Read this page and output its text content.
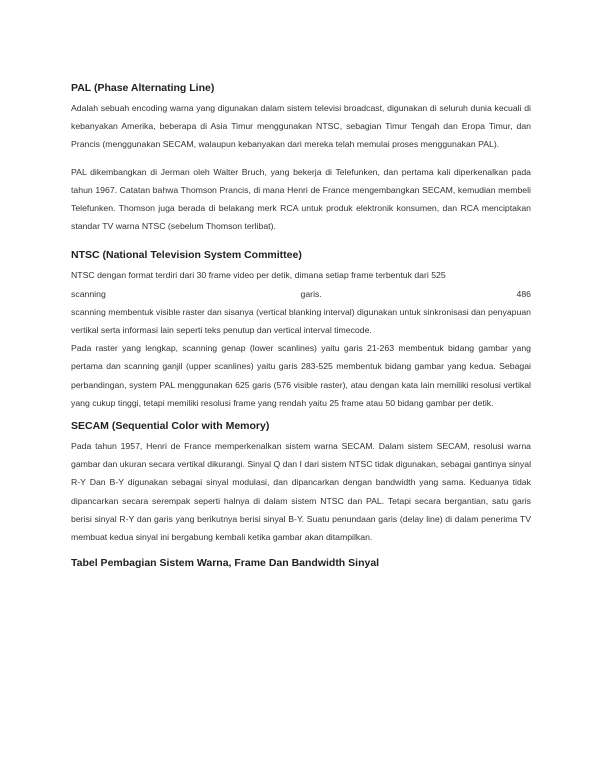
PAL (Phase Alternating Line)

Adalah sebuah encoding warna yang digunakan dalam sistem televisi broadcast, digunakan di seluruh dunia kecuali di kebanyakan Amerika, beberapa di Asia Timur menggunakan NTSC, sebagian Timur Tengah dan Eropa Timur, dan Prancis (menggunakan SECAM, walaupun kebanyakan dari mereka telah memulai proses menggunakan PAL).

PAL dikembangkan di Jerman oleh Walter Bruch, yang bekerja di Telefunken, dan pertama kali diperkenalkan pada tahun 1967. Catatan bahwa Thomson Prancis, di mana Henri de France mengembangkan SECAM, kemudian membeli Telefunken. Thomson juga berada di belakang merk RCA untuk produk elektronik konsumen, dan RCA menciptakan standar TV warna NTSC (sebelum Thomson terlibat).

NTSC (National Television System Committee)

NTSC dengan format terdiri dari 30 frame video per detik, dimana setiap frame terbentuk dari 525

scanning	garis.	486

scanning membentuk visible raster dan sisanya (vertical blanking interval) digunakan untuk sinkronisasi dan penyapuan vertikal serta informasi lain seperti teks penutup dan vertical interval timecode.

Pada raster yang lengkap, scanning genap (lower scanlines) yaitu garis 21-263 membentuk bidang gambar yang pertama dan scanning ganjil (upper scanlines) yaitu garis 283-525 membentuk bidang gambar yang kedua. Sebagai perbandingan, system PAL menggunakan 625 garis (576 visible raster), atau dengan kata lain memiliki resolusi vertikal yang cukup tinggi, tetapi memiliki resolusi frame yang rendah yaitu 25 frame atau 50 bidang gambar per detik.

SECAM (Sequential Color with Memory)

Pada tahun 1957, Henri de France memperkenalkan sistem warna SECAM. Dalam sistem SECAM, resolusi warna gambar dan ukuran secara vertikal dikurangi. Sinyal Q dan I dari sistem NTSC tidak digunakan, sebagai gantinya sinyal R-Y Dan B-Y digunakan sebagai sinyal modulasi, dan dipancarkan dengan bandwidth yang sama. Keduanya tidak dipancarkan secara serempak seperti halnya di dalam sistem NTSC dan PAL. Tetapi secara bergantian, satu garis berisi sinyal R-Y dan garis yang berikutnya berisi sinyal B-Y. Suatu penundaan garis (delay line) di dalam penerima TV membuat kedua sinyal ini bergabung kembali ketika gambar akan ditampilkan.

Tabel Pembagian Sistem Warna, Frame Dan Bandwidth Sinyal
